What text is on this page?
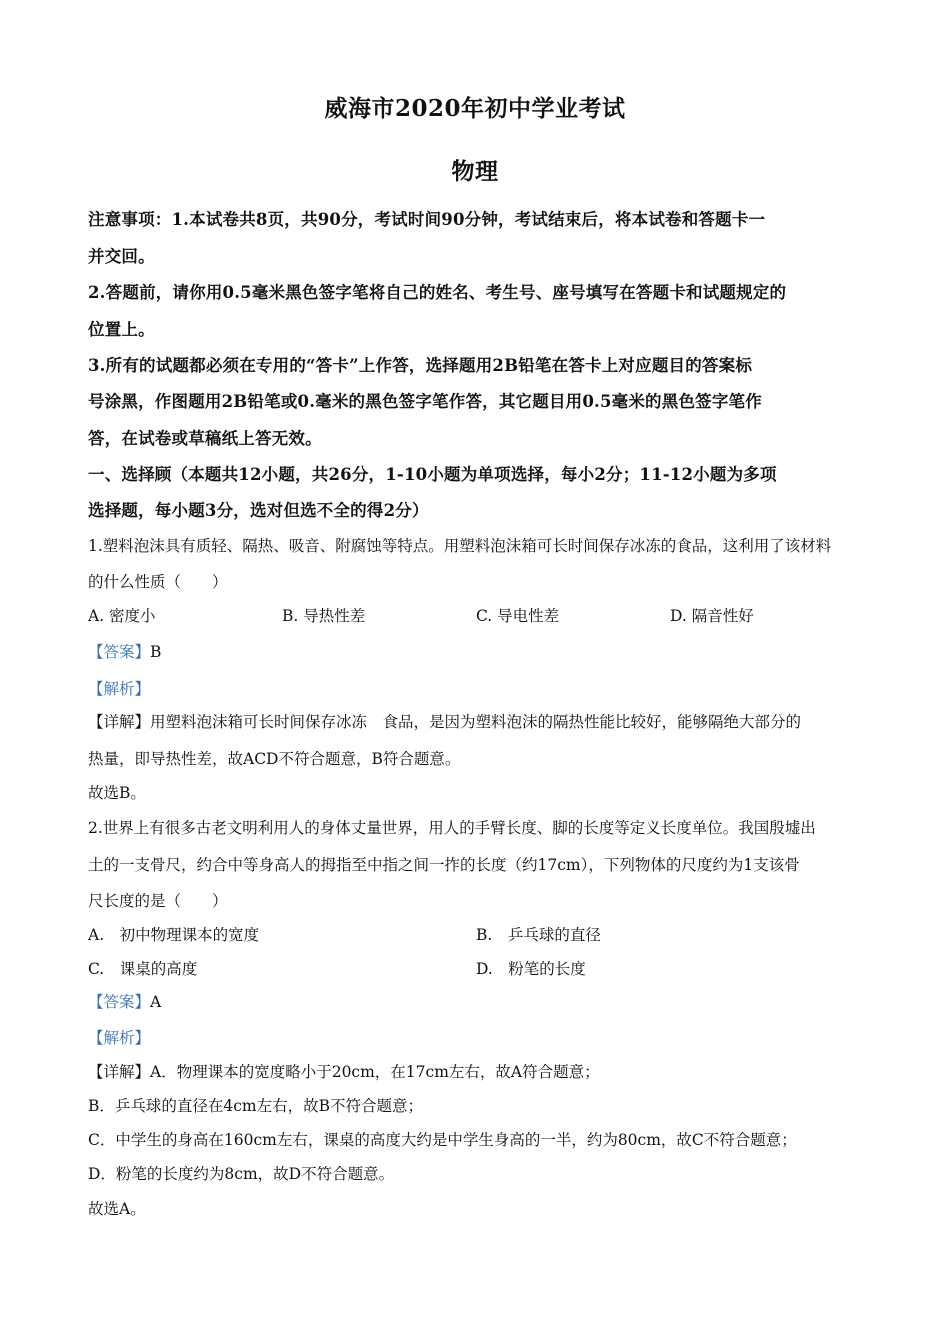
威海市2020年初中学业考试
物理
注意事项：1.本试卷共8页，共90分，考试时间90分钟，考试结束后，将本试卷和答题卡一
并交回。
2.答题前，请你用0.5毫米黑色签字笔将自己的姓名、考生号、座号填写在答题卡和试题规定的
位置上。
3.所有的试题都必须在专用的“答卡”上作答，选择题用2B铅笔在答卡上对应题目的答案标
号涂黑，作图题用2B铅笔或0.毫米的黑色签字笔作答，其它题目用0.5毫米的黑色签字笔作
答，在试卷或草稿纸上答无效。
一、选择顾（本题共12小题，共26分，1-10小题为单项选择，每小2分；11-12小题为多项
选择题，每小题3分，选对但选不全的得2分）
1.塑料泡沫具有质轻、隔热、吸音、附腐蚀等特点。用塑料泡沫箱可长时间保存冰冻的食品，这利用了该材料
的什么性质（　　）
A. 密度小	B. 导热性差	C. 导电性差	D. 隔音性好
【答案】B
【解析】
【详解】用塑料泡沫箱可长时间保存冰冻　食品，是因为塑料泡沫的隔热性能比较好，能够隔绝大部分的
热量，即导热性差，故ACD不符合题意，B符合题意。
故选B。
2.世界上有很多古老文明利用人的身体丈量世界，用人的手臂长度、脚的长度等定义长度单位。我国殷墟出
土的一支骨尺，约合中等身高人的拇指至中指之间一拃的长度（约17cm），下列物体的尺度约为1支该骨
尺长度的是（　　）
A.　初中物理课本的宽度	B.　乒乓球的直径
C.　课桌的高度	D.　粉笔的长度
【答案】A
【解析】
【详解】A．物理课本的宽度略小于20cm，在17cm左右，故A符合题意；
B．乒乓球的直径在4cm左右，故B不符合题意；
C．中学生的身高在160cm左右，课桌的高度大约是中学生身高的一半，约为80cm，故C不符合题意；
D．粉笔的长度约为8cm，故D不符合题意。
故选A。
